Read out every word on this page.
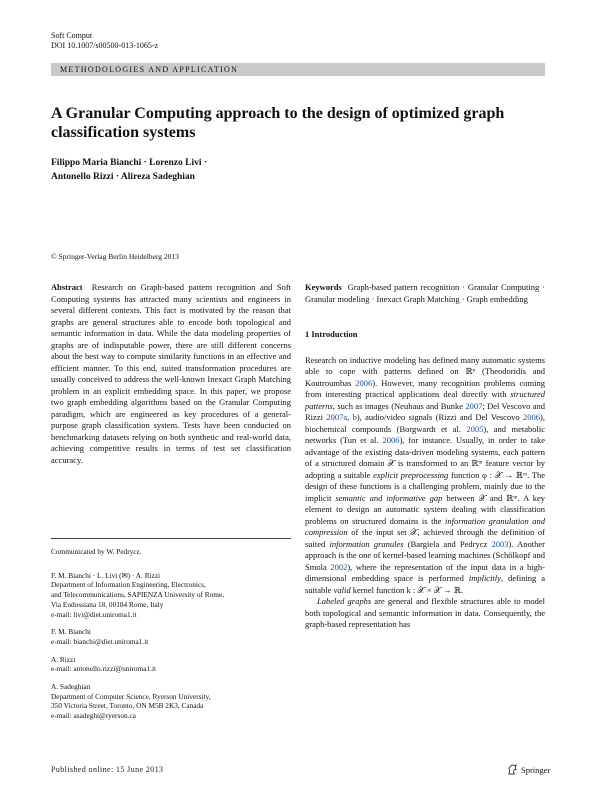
Soft Comput
DOI 10.1007/s00500-013-1065-z
METHODOLOGIES AND APPLICATION
A Granular Computing approach to the design of optimized graph classification systems
Filippo Maria Bianchi · Lorenzo Livi ·
Antonello Rizzi · Alireza Sadeghian
© Springer-Verlag Berlin Heidelberg 2013

Abstract Research on Graph-based pattern recognition and Soft Computing systems has attracted many scientists and engineers in several different contexts. This fact is motivated by the reason that graphs are general structures able to encode both topological and semantic information in data. While the data modeling properties of graphs are of indisputable power, there are still different concerns about the best way to compute similarity functions in an effective and efficient manner. To this end, suited transformation procedures are usually conceived to address the well-known Inexact Graph Matching problem in an explicit embedding space. In this paper, we propose two graph embedding algorithms based on the Granular Computing paradigm, which are engineered as key procedures of a general-purpose graph classification system. Tests have been conducted on benchmarking datasets relying on both synthetic and real-world data, achieving competitive results in terms of test set classification accuracy.

Communicated by W. Pedrycz.
F. M. Bianchi · L. Livi (✉) · A. Rizzi
Department of Information Engineering, Electronics,
and Telecommunications, SAPIENZA University of Rome,
Via Eudossiana 18, 00184 Rome, Italy
e-mail: livi@diet.uniroma1.it
F. M. Bianchi
e-mail: bianchi@diet.uniroma1.it
A. Rizzi
e-mail: antonello.rizzi@uniroma1.it
A. Sadeghian
Department of Computer Science, Ryerson University,
350 Victoria Street, Toronto, ON M5B 2K3, Canada
e-mail: asadeghi@ryerson.ca

Keywords Graph-based pattern recognition · Granular Computing · Granular modeling · Inexact Graph Matching · Graph embedding

1 Introduction

Research on inductive modeling has defined many automatic systems able to cope with patterns defined on ℝⁿ (Theodoridis and Koutroumbas 2006). However, many recognition problems coming from interesting practical applications deal directly with structured patterns, such as images (Neuhaus and Bunke 2007; Del Vescovo and Rizzi 2007a, b), audio/video signals (Rizzi and Del Vescovo 2006), biochemical compounds (Borgwardt et al. 2005), and metabolic networks (Tun et al. 2006), for instance. Usually, in order to take advantage of the existing data-driven modeling systems, each pattern of a structured domain 𝒳 is transformed to an ℝᵐ feature vector by adopting a suitable explicit preprocessing function φ : 𝒳 → ℝᵐ. The design of these functions is a challenging problem, mainly due to the implicit semantic and informative gap between 𝒳 and ℝᵐ. A key element to design an automatic system dealing with classification problems on structured domains is the information granulation and compression of the input set 𝒳, achieved through the definition of suited information granules (Bargiela and Pedrycz 2003). Another approach is the one of kernel-based learning machines (Schölkopf and Smola 2002), where the representation of the input data in a high-dimensional embedding space is performed implicitly, defining a suitable valid kernel function k : 𝒳 × 𝒳 → ℝ.

Labeled graphs are general and flexible structures able to model both topological and semantic information in data. Consequently, the graph-based representation has

Published online: 15 June 2013	Springer
